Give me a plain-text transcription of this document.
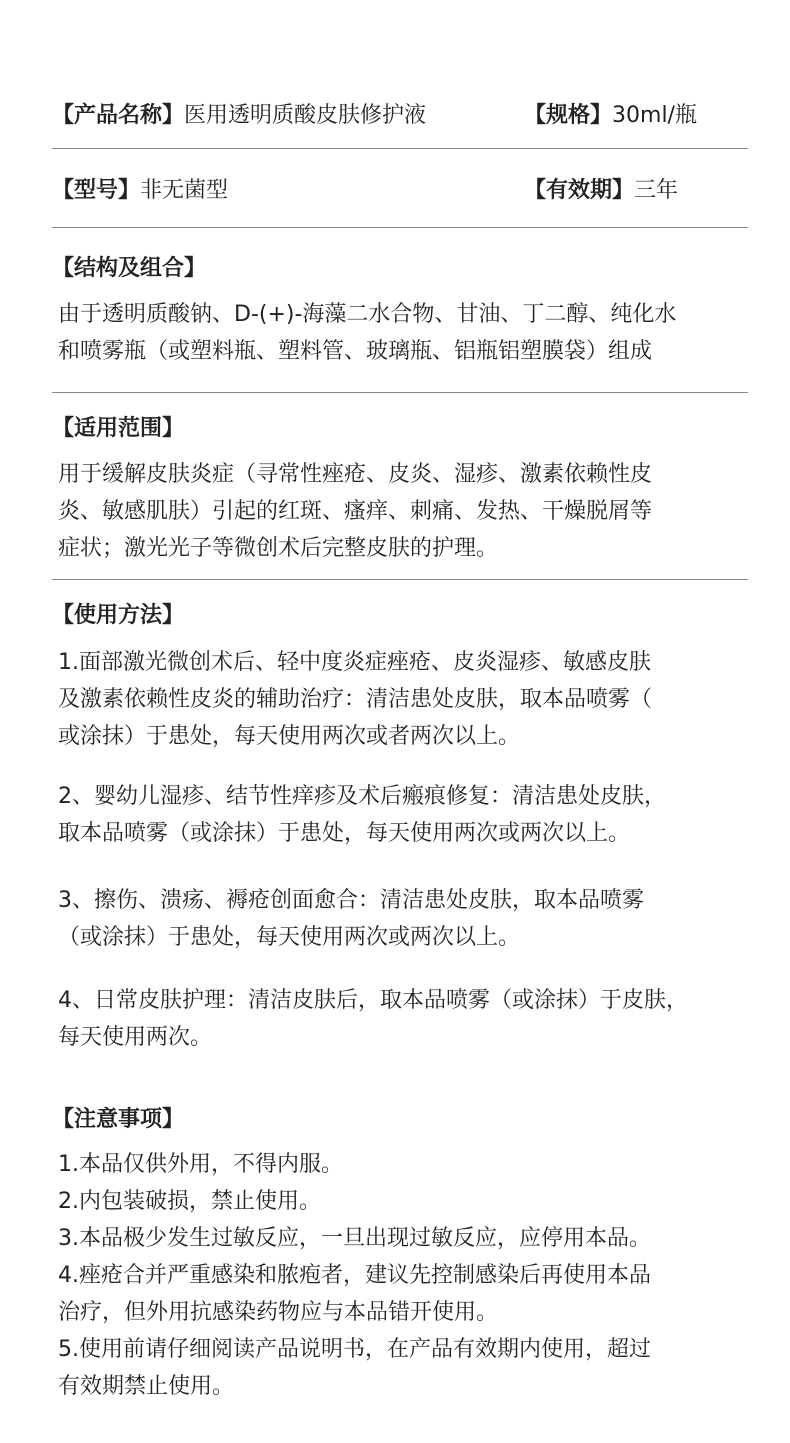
【产品名称】医用透明质酸皮肤修护液	【规格】30ml/瓶
【型号】非无菌型	【有效期】三年
【结构及组合】

由于透明质酸钠、D-(+)-海藻二水合物、甘油、丁二醇、纯化水
和喷雾瓶（或塑料瓶、塑料管、玻璃瓶、铝瓶铝塑膜袋）组成

【适用范围】

用于缓解皮肤炎症（寻常性痤疮、皮炎、湿疹、激素依赖性皮
炎、敏感肌肤）引起的红斑、瘙痒、刺痛、发热、干燥脱屑等
症状；激光光子等微创术后完整皮肤的护理。

【使用方法】

1.面部激光微创术后、轻中度炎症痤疮、皮炎湿疹、敏感皮肤
及激素依赖性皮炎的辅助治疗：清洁患处皮肤，取本品喷雾（
或涂抹）于患处，每天使用两次或者两次以上。

2、婴幼儿湿疹、结节性痒疹及术后瘢痕修复：清洁患处皮肤，
取本品喷雾（或涂抹）于患处，每天使用两次或两次以上。

3、擦伤、溃疡、褥疮创面愈合：清洁患处皮肤，取本品喷雾
（或涂抹）于患处，每天使用两次或两次以上。

4、日常皮肤护理：清洁皮肤后，取本品喷雾（或涂抹）于皮肤，
每天使用两次。

【注意事项】

1.本品仅供外用，不得内服。
2.内包装破损，禁止使用。
3.本品极少发生过敏反应，一旦出现过敏反应，应停用本品。
4.痤疮合并严重感染和脓疱者，建议先控制感染后再使用本品
治疗，但外用抗感染药物应与本品错开使用。
5.使用前请仔细阅读产品说明书，在产品有效期内使用，超过
有效期禁止使用。
